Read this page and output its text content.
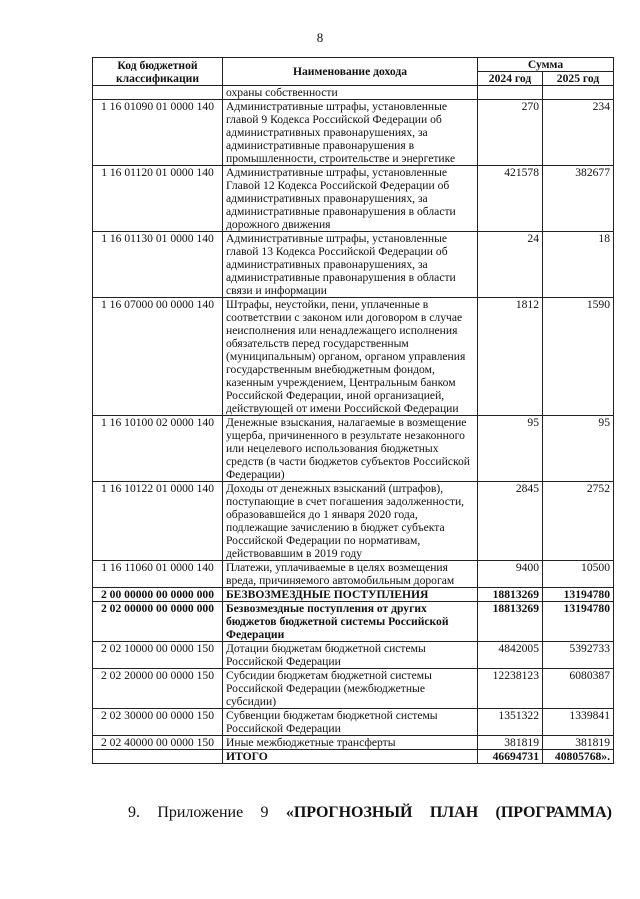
8
Код бюджетной классификации	Наименование дохода	Сумма	
		2024 год	2025 год
	охраны собственности		
1 16 01090 01 0000 140	Административные штрафы, установленные главой 9 Кодекса Российской Федерации об административных правонарушениях, за административные правонарушения в промышленности, строительстве и энергетике	270	234
1 16 01120 01 0000 140	Административные штрафы, установленные Главой 12 Кодекса Российской Федерации об административных правонарушениях, за административные правонарушения в области дорожного движения	421578	382677
1 16 01130 01 0000 140	Административные штрафы, установленные главой 13 Кодекса Российской Федерации об административных правонарушениях, за административные правонарушения в области связи и информации	24	18
1 16 07000 00 0000 140	Штрафы, неустойки, пени, уплаченные в соответствии с законом или договором в случае неисполнения или ненадлежащего исполнения обязательств перед государственным (муниципальным) органом, органом управления государственным внебюджетным фондом, казенным учреждением, Центральным банком Российской Федерации, иной организацией, действующей от имени Российской Федерации	1812	1590
1 16 10100 02 0000 140	Денежные взыскания, налагаемые в возмещение ущерба, причиненного в результате незаконного или нецелевого использования бюджетных средств (в части бюджетов субъектов Российской Федерации)	95	95
1 16 10122 01 0000 140	Доходы от денежных взысканий (штрафов), поступающие в счет погашения задолженности, образовавшейся до 1 января 2020 года, подлежащие зачислению в бюджет субъекта Российской Федерации по нормативам, действовавшим в 2019 году	2845	2752
1 16 11060 01 0000 140	Платежи, уплачиваемые в целях возмещения вреда, причиняемого автомобильным дорогам	9400	10500
2 00 00000 00 0000 000	БЕЗВОЗМЕЗДНЫЕ ПОСТУПЛЕНИЯ	18813269	13194780
2 02 00000 00 0000 000	Безвозмездные поступления от других бюджетов бюджетной системы Российской Федерации	18813269	13194780
2 02 10000 00 0000 150	Дотации бюджетам бюджетной системы Российской Федерации	4842005	5392733
2 02 20000 00 0000 150	Субсидии бюджетам бюджетной системы Российской Федерации (межбюджетные субсидии)	12238123	6080387
2 02 30000 00 0000 150	Субвенции бюджетам бюджетной системы Российской Федерации	1351322	1339841
2 02 40000 00 0000 150	Иные межбюджетные трансферты	381819	381819
	ИТОГО	46694731	40805768».
9. Приложение 9 «ПРОГНОЗНЫЙ ПЛАН (ПРОГРАММА)
